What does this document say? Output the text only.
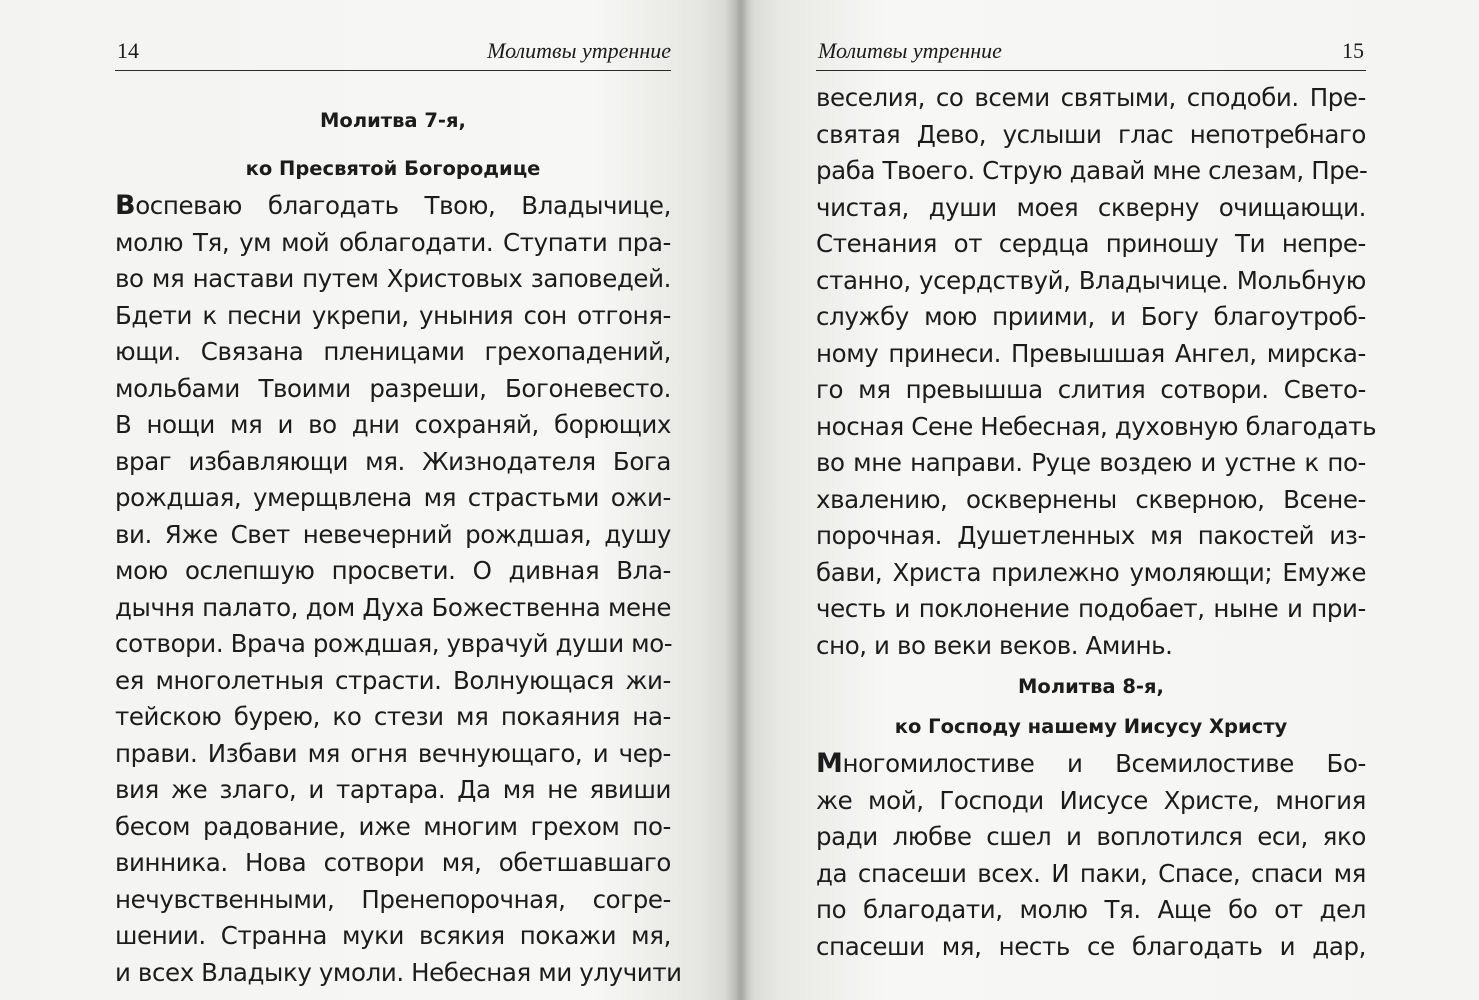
14	Молитвы утренние
Молитва 7-я,
ко Пресвятой Богородице
Воспеваю благодать Твою, Владычице,
молю Тя, ум мой облагодати. Ступати пра-
во мя настави путем Христовых заповедей.
Бдети к песни укрепи, уныния сон отгоня-
ющи. Связана пленицами грехопадений,
мольбами Твоими разреши, Богоневесто.
В нощи мя и во дни сохраняй, борющих
враг избавляющи мя. Жизнодателя Бога
рождшая, умерщвлена мя страстьми ожи-
ви. Яже Свет невечерний рождшая, душу
мою ослепшую просвети. О дивная Вла-
дычня палато, дом Духа Божественна мене
сотвори. Врача рождшая, уврачуй души мо-
ея многолетныя страсти. Волнующася жи-
тейскою бурею, ко стези мя покаяния на-
прави. Избави мя огня вечнующаго, и чер-
вия же злаго, и тартара. Да мя не явиши
бесом радование, иже многим грехом по-
винника. Нова сотвори мя, обетшавшаго
нечувственными, Пренепорочная, согре-
шении. Странна муки всякия покажи мя,
и всех Владыку умоли. Небесная ми улучити
Молитвы утренние	15
веселия, со всеми святыми, сподоби. Пре-
святая Дево, услыши глас непотребнаго
раба Твоего. Струю давай мне слезам, Пре-
чистая, души моея скверну очищающи.
Стенания от сердца приношу Ти непре-
станно, усердствуй, Владычице. Мольбную
службу мою приими, и Богу благоутроб-
ному принеси. Превышшая Ангел, мирска-
го мя превышша слития сотвори. Свето-
носная Сене Небесная, духовную благодать
во мне направи. Руце воздею и устне к по-
хвалению, осквернены скверною, Всене-
порочная. Душетленных мя пакостей из-
бави, Христа прилежно умоляющи; Емуже
честь и поклонение подобает, ныне и при-
сно, и во веки веков. Аминь.
Молитва 8-я,
ко Господу нашему Иисусу Христу
Многомилостиве и Всемилостиве Бо-
же мой, Господи Иисусе Христе, многия
ради любве сшел и воплотился еси, яко
да спасеши всех. И паки, Спасе, спаси мя
по благодати, молю Тя. Аще бо от дел
спасеши мя, несть се благодать и дар,
